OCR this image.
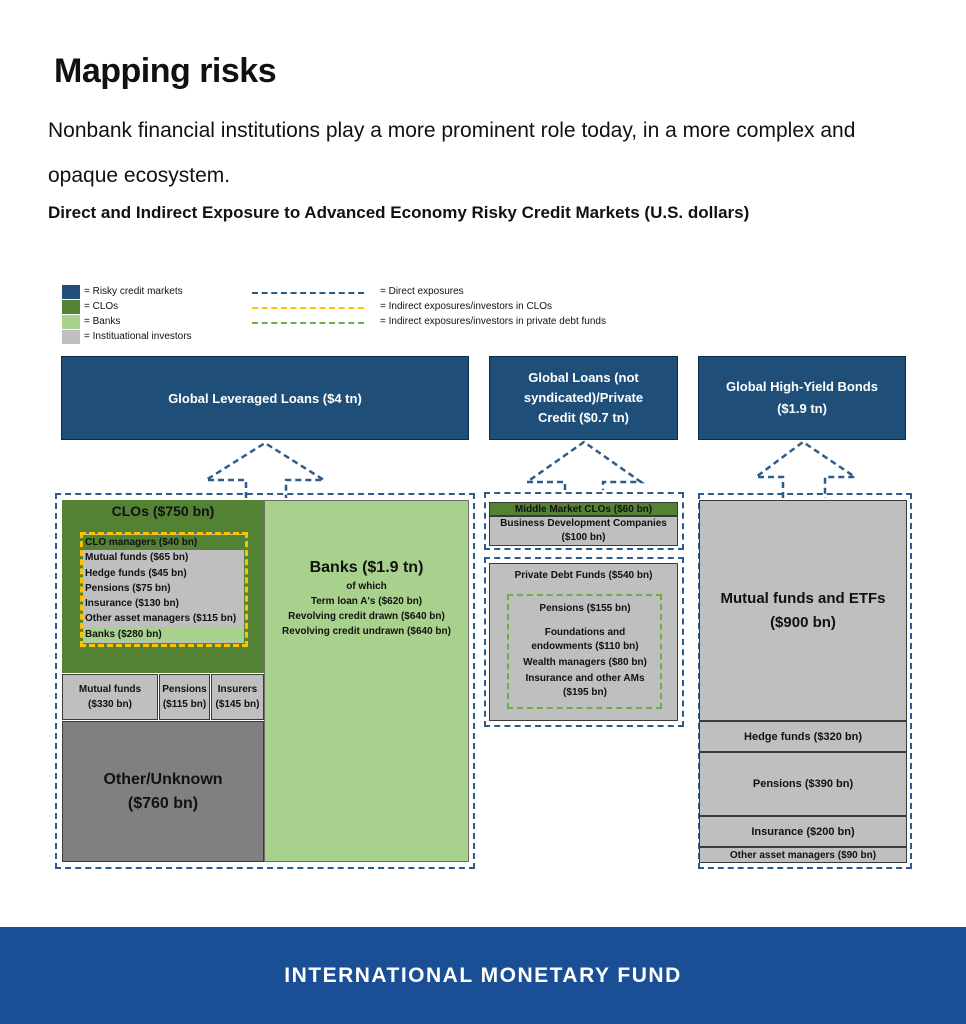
Mapping risks
Nonbank financial institutions play a more prominent role today, in a more complex and opaque ecosystem.
Direct and Indirect Exposure to Advanced Economy Risky Credit Markets (U.S. dollars)
= Risky credit markets
= CLOs
= Banks
= Instituational investors
= Direct exposures
= Indirect exposures/investors in CLOs
= Indirect exposures/investors in private debt funds
Global Leveraged Loans ($4 tn)
Global Loans (not
syndicated)/Private
Credit ($0.7 tn)
Global High-Yield Bonds
($1.9 tn)
CLOs ($750 bn)
CLO managers ($40 bn)
Mutual funds ($65 bn)
Hedge funds ($45 bn)
Pensions ($75 bn)
Insurance ($130 bn)
Other asset managers ($115 bn)
Banks ($280 bn)
Mutual funds
($330 bn)
Pensions
($115 bn)
Insurers
($145 bn)
Other/Unknown
($760 bn)
Banks ($1.9 tn)
of which
Term loan A's ($620 bn)
Revolving credit drawn ($640 bn)
Revolving credit undrawn ($640 bn)
Middle Market CLOs ($60 bn)
Business Development Companies
($100 bn)
Private Debt Funds ($540 bn)
Pensions ($155 bn)
Foundations and
endowments ($110 bn)
Wealth managers ($80 bn)
Insurance and other AMs
($195 bn)
Mutual funds and ETFs
($900 bn)
Hedge funds ($320 bn)
Pensions ($390 bn)
Insurance ($200 bn)
Other asset managers ($90 bn)
INTERNATIONAL MONETARY FUND
